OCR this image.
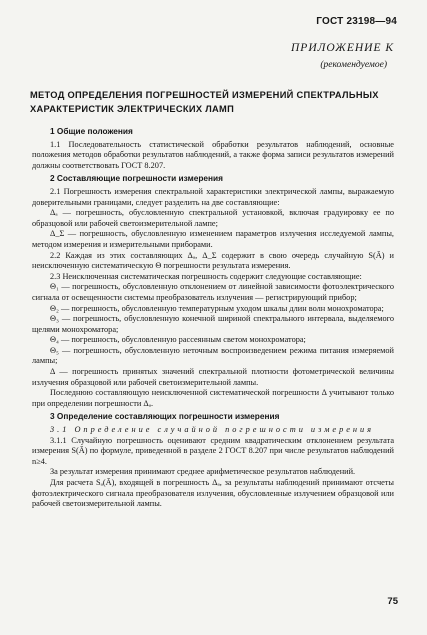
ГОСТ 23198—94
ПРИЛОЖЕНИЕ К
(рекомендуемое)
МЕТОД ОПРЕДЕЛЕНИЯ ПОГРЕШНОСТЕЙ ИЗМЕРЕНИЙ СПЕКТРАЛЬНЫХ ХАРАКТЕРИСТИК ЭЛЕКТРИЧЕСКИХ ЛАМП
1 Общие положения

1.1 Последовательность статистической обработки результатов наблюдений, основные положения методов обработки результатов наблюдений, а также форма записи результатов измерений должны соответствовать ГОСТ 8.207.

2 Составляющие погрешности измерения

2.1 Погрешность измерения спектральной характеристики электрической лампы, выражаемую доверительными границами, следует разделить на две составляющие:

Δₐ — погрешность, обусловленную спектральной установкой, включая градуировку ее по образцовой или рабочей светоизмерительной лампе;

Δ_Σ — погрешность, обусловленную изменением параметров излучения исследуемой лампы, методом измерения и измерительными приборами.

2.2 Каждая из этих составляющих Δₐ, Δ_Σ содержит в свою очередь случайную S(Ā) и неисключенную систематическую Θ погрешности результата измерения.

2.3 Неисключенная систематическая погрешность содержит следующие составляющие:

Θ₁ — погрешность, обусловленную отклонением от линейной зависимости фотоэлектрического сигнала от освещенности системы преобразователь излучения — регистрирующий прибор;

Θ₂ — погрешность, обусловленную температурным уходом шкалы длин волн монохроматора;

Θ₃ — погрешность, обусловленную конечной шириной спектрального интервала, выделяемого щелями монохроматора;

Θ₄ — погрешность, обусловленную рассеянным светом монохроматора;

Θ₅ — погрешность, обусловленную неточным воспроизведением режима питания измеряемой лампы;

Δ — погрешность принятых значений спектральной плотности фотометрической величины излучения образцовой или рабочей светоизмерительной лампы.

Последнюю составляющую неисключенной систематической погрешности Δ учитывают только при определении погрешности Δₐ.

3 Определение составляющих погрешности измерения

3.1 Определение случайной погрешности измерения

3.1.1 Случайную погрешность оценивают средним квадратическим отклонением результата измерения S(Ā) по формуле, приведенной в разделе 2 ГОСТ 8.207 при числе результатов наблюдений n≥4.

За результат измерения принимают среднее арифметическое результатов наблюдений.

Для расчета Sₐ(Ā), входящей в погрешность Δₐ, за результаты наблюдений принимают отсчеты фотоэлектрического сигнала преобразователя излучения, обусловленные излучением образцовой или рабочей светоизмерительной лампы.

75
